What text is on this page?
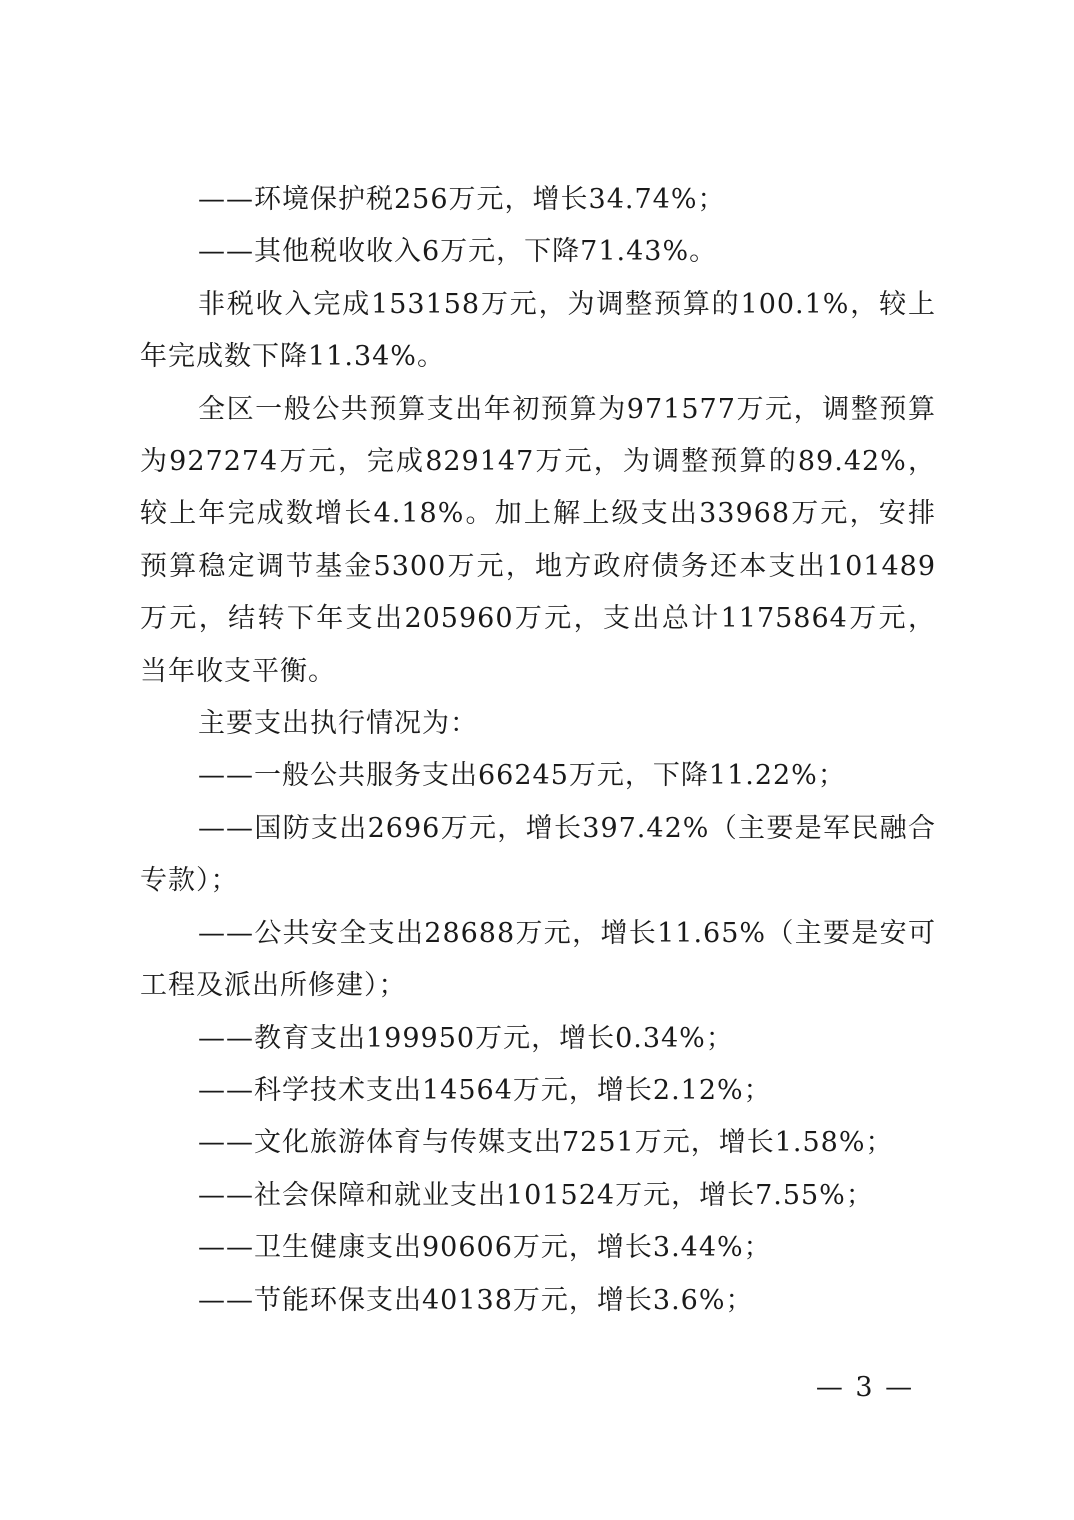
——环境保护税256万元，增长34.74%；

——其他税收收入6万元，下降71.43%。

非税收入完成153158万元，为调整预算的100.1%，较上年完成数下降11.34%。

全区一般公共预算支出年初预算为971577万元，调整预算为927274万元，完成829147万元，为调整预算的89.42%，较上年完成数增长4.18%。加上解上级支出33968万元，安排预算稳定调节基金5300万元，地方政府债务还本支出101489万元，结转下年支出205960万元，支出总计1175864万元，当年收支平衡。

主要支出执行情况为：

——一般公共服务支出66245万元，下降11.22%；

——国防支出2696万元，增长397.42%（主要是军民融合专款）；

——公共安全支出28688万元，增长11.65%（主要是安可工程及派出所修建）；

——教育支出199950万元，增长0.34%；

——科学技术支出14564万元，增长2.12%；

——文化旅游体育与传媒支出7251万元，增长1.58%；

——社会保障和就业支出101524万元，增长7.55%；

——卫生健康支出90606万元，增长3.44%；

——节能环保支出40138万元，增长3.6%；

— 3 —
